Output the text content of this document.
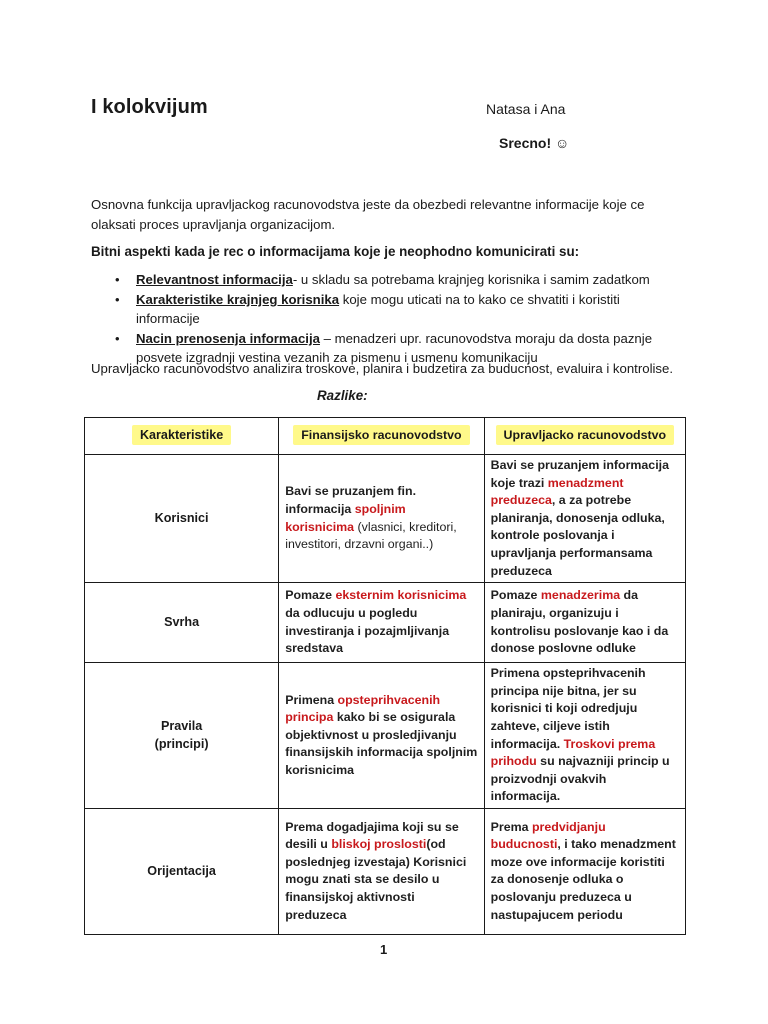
I kolokvijum	Natasa i Ana
Srecno! ☺
Osnovna funkcija upravljackog racunovodstva jeste da obezbedi relevantne informacije koje ce olaksati proces upravljanja organizacijom.
Bitni aspekti kada je rec o informacijama koje je neophodno komunicirati su:
• Relevantnost informacija- u skladu sa potrebama krajnjeg korisnika i samim zadatkom
• Karakteristike krajnjeg korisnika koje mogu uticati na to kako ce shvatiti i koristiti informacije
• Nacin prenosenja informacija – menadzeri upr. racunovodstva moraju da dosta paznje posvete izgradnji vestina vezanih za pismenu i usmenu komunikaciju
Upravljacko racunovodstvo analizira troskove, planira i budzetira za buducnost, evaluira i kontrolise.
Razlike:
Karakteristike	Finansijsko racunovodstvo	Upravljacko racunovodstvo
Korisnici	Bavi se pruzanjem fin. informacija spoljnim korisnicima (vlasnici, kreditori, investitori, drzavni organi..)	Bavi se pruzanjem informacija koje trazi menadzment preduzeca, a za potrebe planiranja, donosenja odluka, kontrole poslovanja i upravljanja performansama preduzeca

Svrha	Pomaze eksternim korisnicima da odlucuju u pogledu investiranja i pozajmljivanja sredstava	Pomaze menadzerima da planiraju, organizuju i kontrolisu poslovanje kao i da donose poslovne odluke

Pravila
(principi)	Primena opsteprihvacenih principa kako bi se osigurala objektivnost u prosledjivanju finansijskih informacija spoljnim korisnicima	Primena opsteprihvacenih principa nije bitna, jer su korisnici ti koji odredjuju zahteve, ciljeve istih informacija. Troskovi prema prihodu su najvazniji princip u proizvodnji ovakvih informacija.

Orijentacija	Prema dogadjajima koji su se desili u bliskoj proslosti(od poslednjeg izvestaja) Korisnici mogu znati sta se desilo u finansijskoj aktivnosti preduzeca	Prema predvidjanju buducnosti, i tako menadzment moze ove informacije koristiti za donosenje odluka o poslovanju preduzeca u nastupajucem periodu
1
